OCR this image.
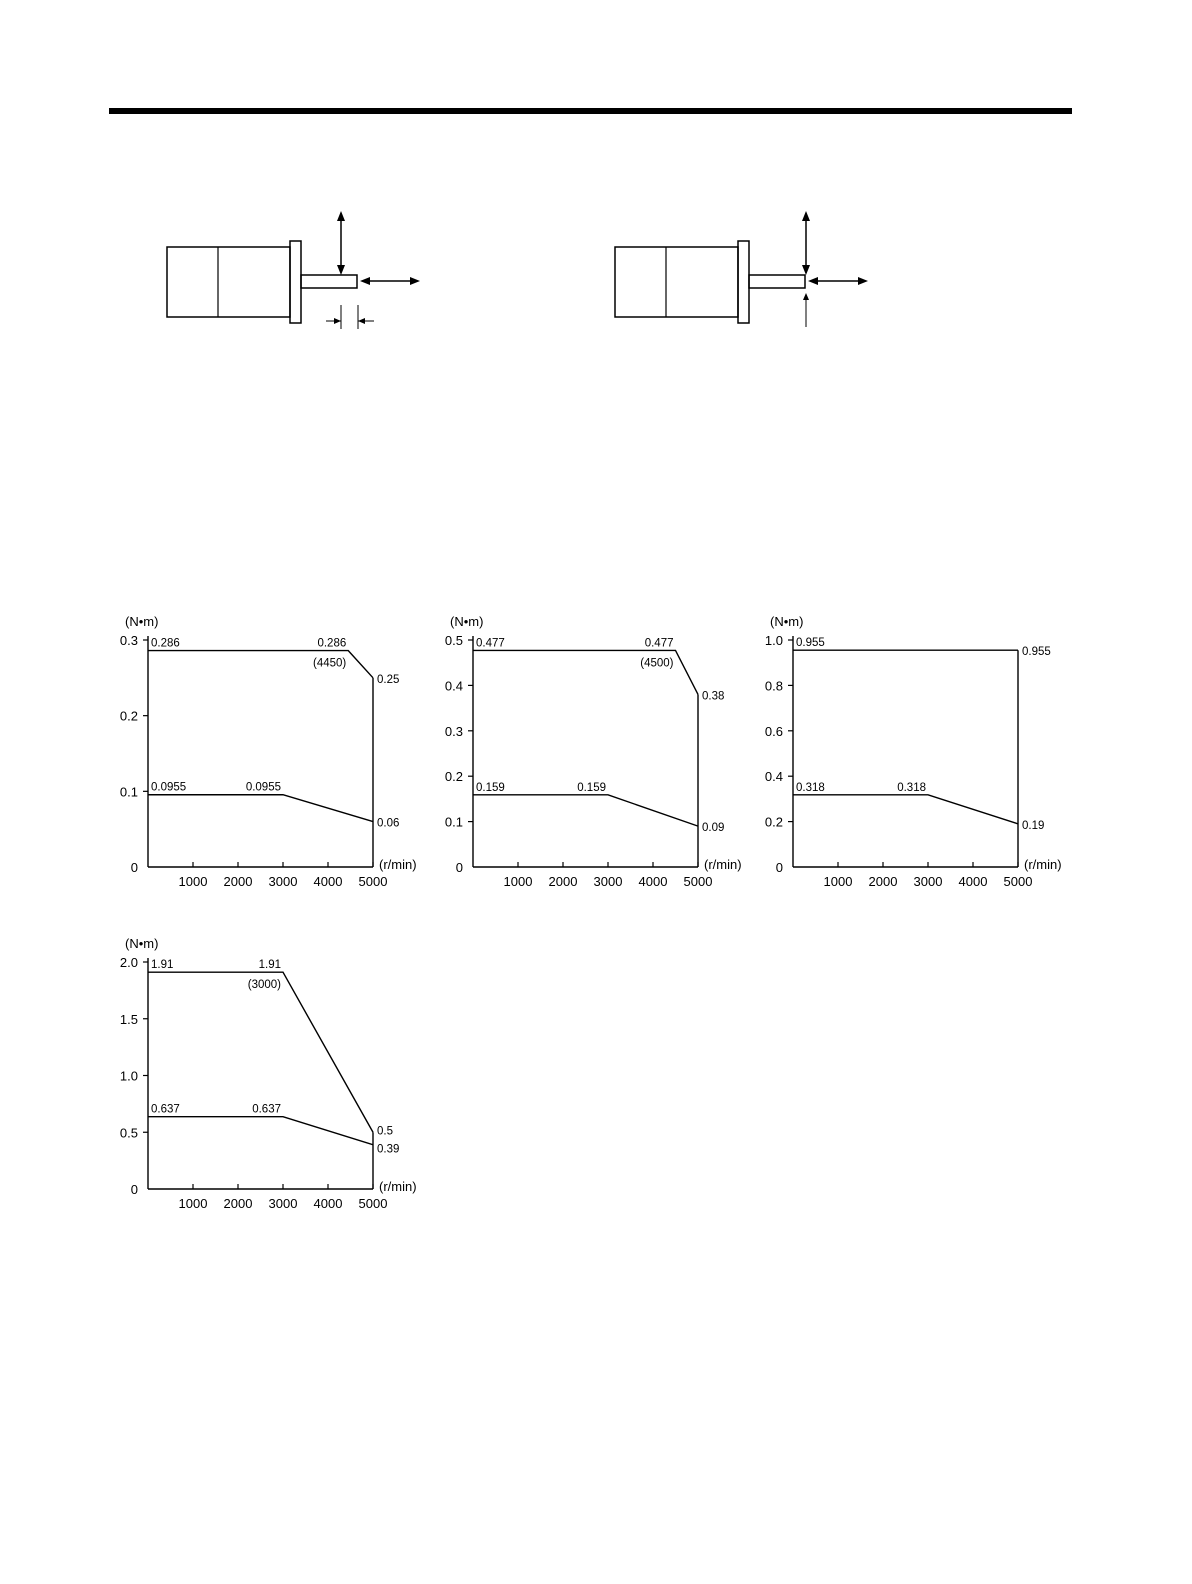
0
0.1
0.2
0.3
1000 2000 3000 4000 5000
(N•m)
(r/min)
0.286	0.286
(4450)
0.25
0.0955	0.0955
0.06
0
0.1
0.2
0.3
0.4
0.5
1000 2000 3000 4000 5000
(N•m)
(r/min)
0.477	0.477
(4500)
0.38
0.159	0.159
0.09
0
0.2
0.4
0.6
0.8
1.0
1000 2000 3000 4000 5000
(N•m)
(r/min)
0.955
0.955
0.318	0.318
0.19
0
0.5
1.0
1.5
2.0
1000 2000 3000 4000 5000
(N•m)
(r/min)
1.91	1.91
(3000)
0.5
0.637	0.637
0.39
